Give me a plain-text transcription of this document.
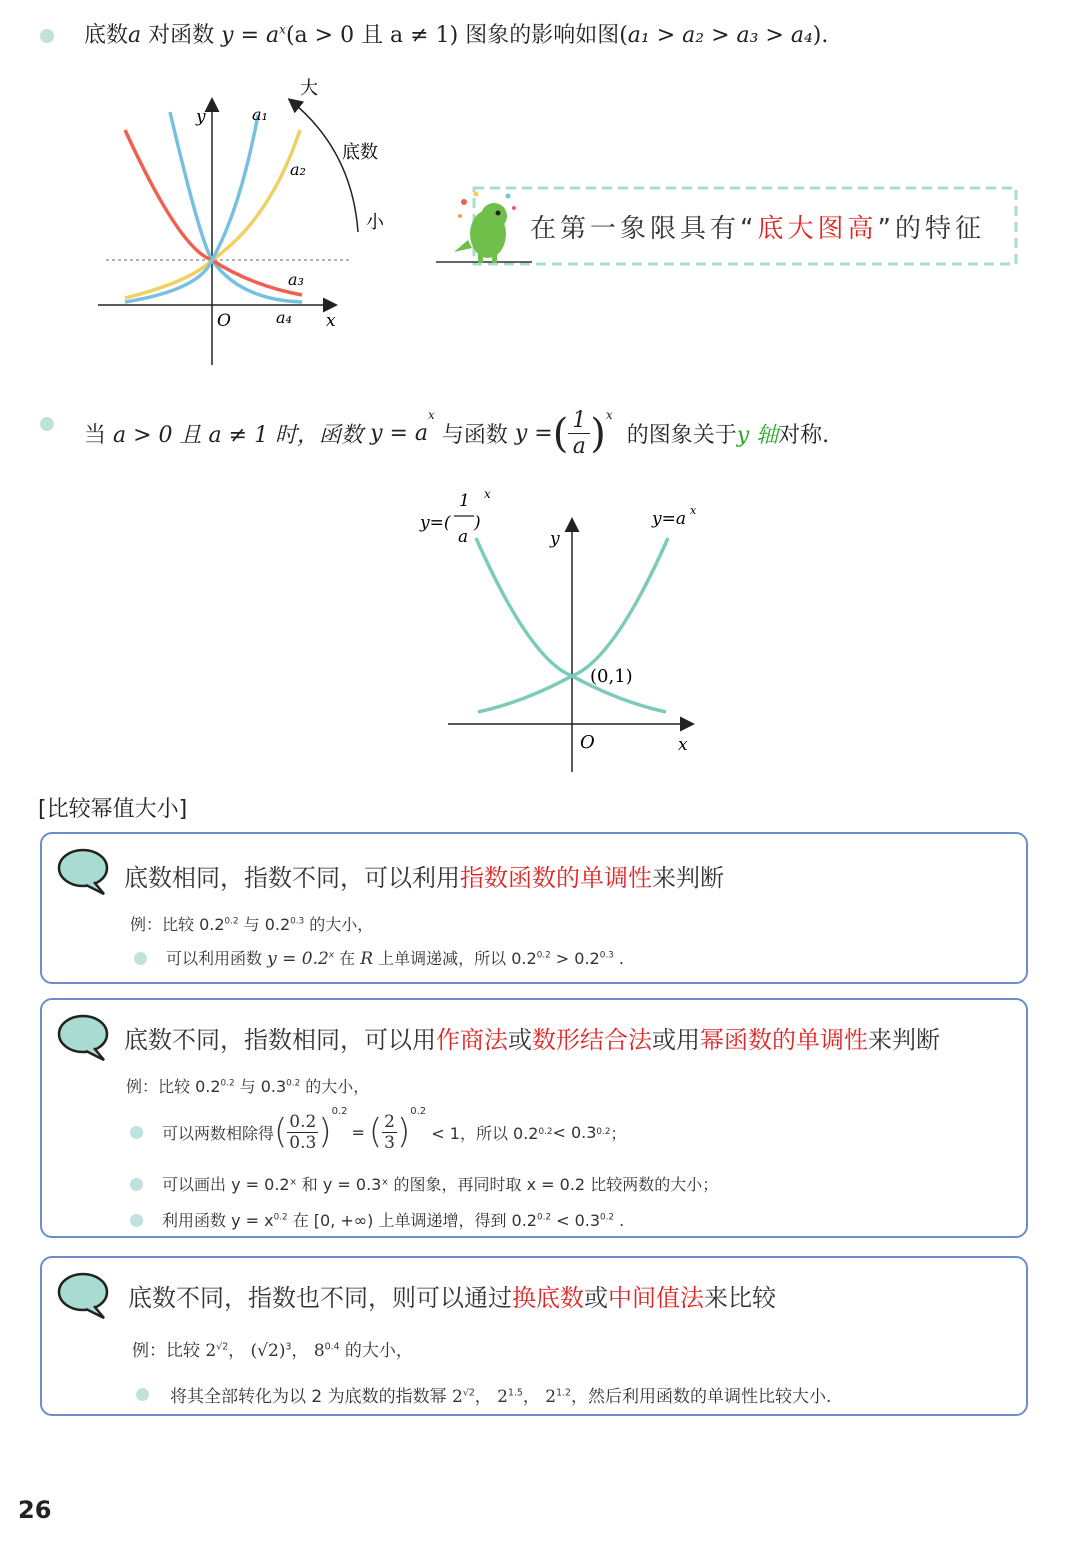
底数a 对函数 $y = a^x(a > 0$ 且 a ≠ 1) 图象的影响如图(a₁ > a₂ > a₃ > a₄).
y
x
O
a₁
a₂
a₃
a₄
大
底数
小	在第一象限具有“底大图高”的特征
当
a > 0 且 a ≠ 1 时，函数
y = a
$^x$

与函数
y = ( 1
a ) $^x$

的图象关于 y 轴 对称.
y=(
1
a
)
x
y=a x
y
x
O
(0,1)
[比较幂值大小]
底数相同，指数不同，可以利用指数函数的单调性来判断
例：比较 $0.2^{0.2}$ 与 $0.2^{0.3}$ 的大小，
可以利用函数 $y = 0.2^x$ 在 R 上单调递减，所以 $0.2^{0.2} > 0.2^{0.3}$ .
底数不同，指数相同，可以用作商法或数形结合法或用幂函数的单调性来判断
例：比较 $0.2^{0.2}$ 与 $0.3^{0.2}$ 的大小，
可以两数相除得 ( 0.2
0.3 )
$^{0.2}$
= ( 2
3 )
$^{0.2}$

< 1，所以 0.2 0.2 < 0.3 0.2 ；
可以画出 y = 0.2ˣ 和 y = 0.3ˣ 的图象，再同时取 x = 0.2 比较两数的大小；
利用函数 $y = x^{0.2}$ 在 [0, +∞) 上单调递增，得到 $0.2^{0.2} < 0.3^{0.2}$ .
底数不同，指数也不同，则可以通过换底数或中间值法来比较
例：比较 $2^{√2}$， $(√2)^3$， $8^{0.4}$ 的大小，
将其全部转化为以 2 为底数的指数幂 $2^{√2}$， $2^{1.5}$， $2^{1.2}$，然后利用函数的单调性比较大小.
26
